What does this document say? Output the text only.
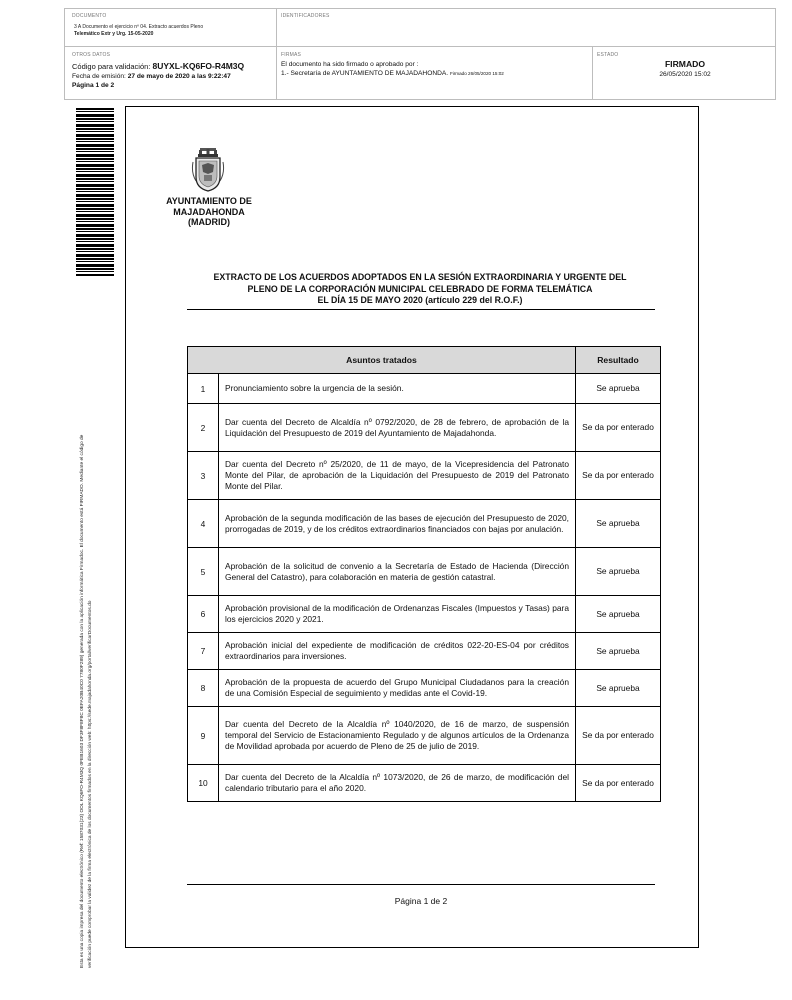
DOCUMENTO
3 A Documento el ejercicio nº 04. Extracto acuerdos Pleno
Telemático Extr y Urg. 15-05-2020
IDENTIFICADORES
OTROS DATOS
Código para validación: 8UYXL-KQ6FO-R4M3Q
Fecha de emisión: 27 de mayo de 2020 a las 9:22:47
Página 1 de 2
FIRMAS
El documento ha sido firmado o aprobado por :
1.- Secretaría de AYUNTAMIENTO DE MAJADAHONDA. Firmado 26/05/2020 15:02
ESTADO
FIRMADO
26/05/2020 15:02
Esta es una copia impresa del documento electrónico (Ref: 1587031(23) OOL KQ6FO-R4M3Q 0FEB1603 DF3F8F8F8C 0EFA20B40C0 7780F289) generada con la aplicación informática Firmadoc. El documento está FIRMADO. Mediante el código de verificación puede comprobar la validez de la firma electrónica de los documentos firmados en la dirección web: https://sede.majadahonda.org/portal/verificarDocumentos.do
AYUNTAMIENTO DE
MAJADAHONDA
(MADRID)
EXTRACTO DE LOS ACUERDOS ADOPTADOS EN LA SESIÓN EXTRAORDINARIA Y URGENTE DEL
PLENO DE LA CORPORACIÓN MUNICIPAL CELEBRADO DE FORMA TELEMÁTICA
EL DÍA 15 DE MAYO 2020 (artículo 229 del R.O.F.)
Asuntos tratados		Resultado
1	Pronunciamiento sobre la urgencia de la sesión.	Se aprueba
2	Dar cuenta del Decreto de Alcaldía nº 0792/2020, de 28 de febrero, de aprobación de la Liquidación del Presupuesto de 2019 del Ayuntamiento de Majadahonda.	Se da por enterado
3	Dar cuenta del Decreto nº 25/2020, de 11 de mayo, de la Vicepresidencia del Patronato Monte del Pilar, de aprobación de la Liquidación del Presupuesto de 2019 del Patronato Monte del Pilar.	Se da por enterado
4	Aprobación de la segunda modificación de las bases de ejecución del Presupuesto de 2020, prorrogadas de 2019, y de los créditos extraordinarios financiados con bajas por anulación.	Se aprueba
5	Aprobación de la solicitud de convenio a la Secretaría de Estado de Hacienda (Dirección General del Catastro), para colaboración en materia de gestión catastral.	Se aprueba
6	Aprobación provisional de la modificación de Ordenanzas Fiscales (Impuestos y Tasas) para los ejercicios 2020 y 2021.	Se aprueba
7	Aprobación inicial del expediente de modificación de créditos 022-20-ES-04 por créditos extraordinarios para inversiones.	Se aprueba
8	Aprobación de la propuesta de acuerdo del Grupo Municipal Ciudadanos para la creación de una Comisión Especial de seguimiento y medidas ante el Covid-19.	Se aprueba
9	Dar cuenta del Decreto de la Alcaldía nº 1040/2020, de 16 de marzo, de suspensión temporal del Servicio de Estacionamiento Regulado y de algunos artículos de la Ordenanza de Movilidad aprobada por acuerdo de Pleno de 25 de julio de 2019.	Se da por enterado
10	Dar cuenta del Decreto de la Alcaldía nº 1073/2020, de 26 de marzo, de modificación del calendario tributario para el año 2020.	Se da por enterado
Página 1 de 2
